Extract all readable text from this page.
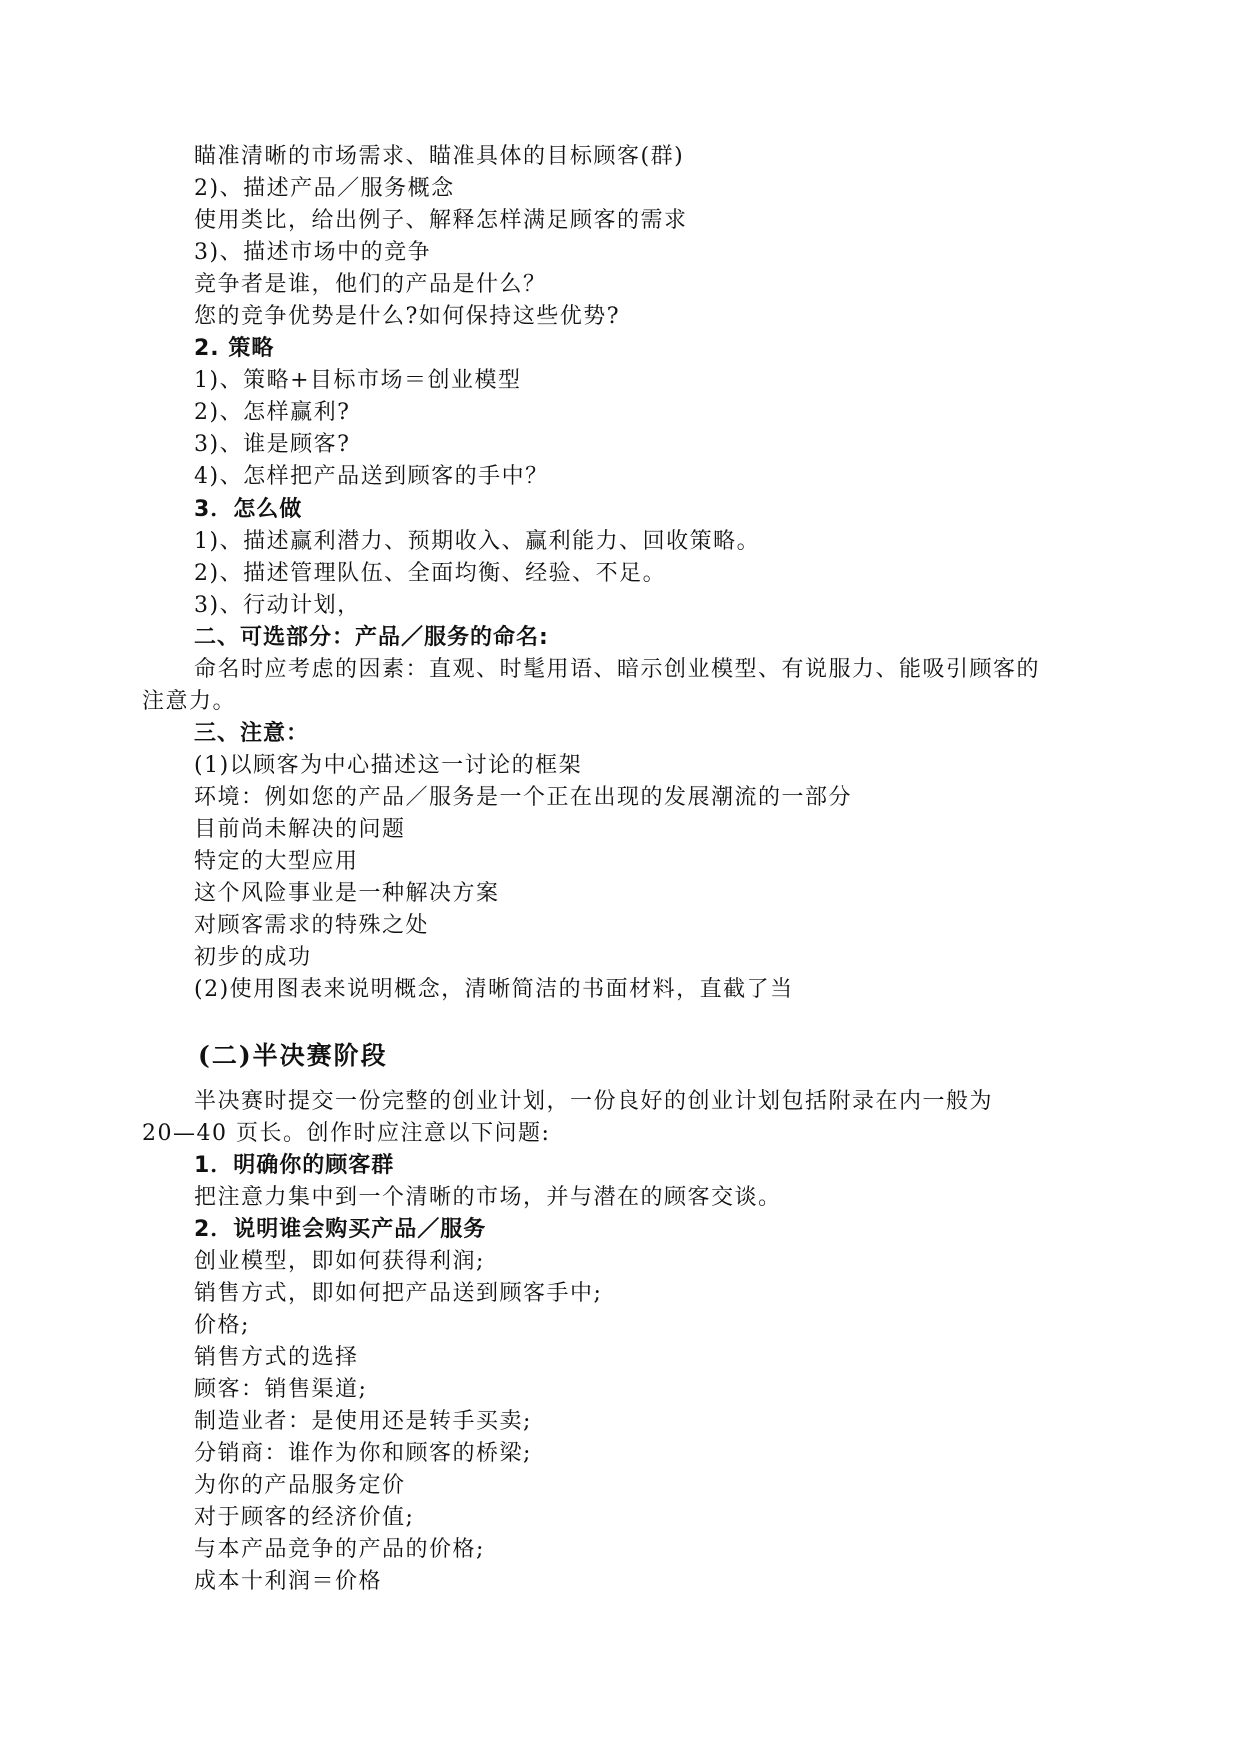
瞄准清晰的市场需求、瞄准具体的目标顾客(群)
2)、描述产品／服务概念
使用类比，给出例子、解释怎样满足顾客的需求
3)、描述市场中的竞争
竞争者是谁，他们的产品是什么？
您的竞争优势是什么?如何保持这些优势?
2. 策略
1)、策略+目标市场＝创业模型
2)、怎样赢利?
3)、谁是顾客?
4)、怎样把产品送到顾客的手中？
3．怎么做
1)、描述赢利潜力、预期收入、赢利能力、回收策略。
2)、描述管理队伍、全面均衡、经验、不足。
3)、行动计划，
二、可选部分：产品／服务的命名:
命名时应考虑的因素：直观、时髦用语、暗示创业模型、有说服力、能吸引顾客的
注意力。
三、注意：
(1)以顾客为中心描述这一讨论的框架
环境：例如您的产品／服务是一个正在出现的发展潮流的一部分
目前尚未解决的问题
特定的大型应用
这个风险事业是一种解决方案
对顾客需求的特殊之处
初步的成功
(2)使用图表来说明概念，清晰简洁的书面材料，直截了当
(二)半决赛阶段
半决赛时提交一份完整的创业计划，一份良好的创业计划包括附录在内一般为
20—40 页长。创作时应注意以下问题:
1．明确你的顾客群
把注意力集中到一个清晰的市场，并与潜在的顾客交谈。
2．说明谁会购买产品／服务
创业模型，即如何获得利润;
销售方式，即如何把产品送到顾客手中;
价格;
销售方式的选择
顾客：销售渠道;
制造业者：是使用还是转手买卖;
分销商：谁作为你和顾客的桥梁;
为你的产品服务定价
对于顾客的经济价值;
与本产品竞争的产品的价格;
成本十利润＝价格
